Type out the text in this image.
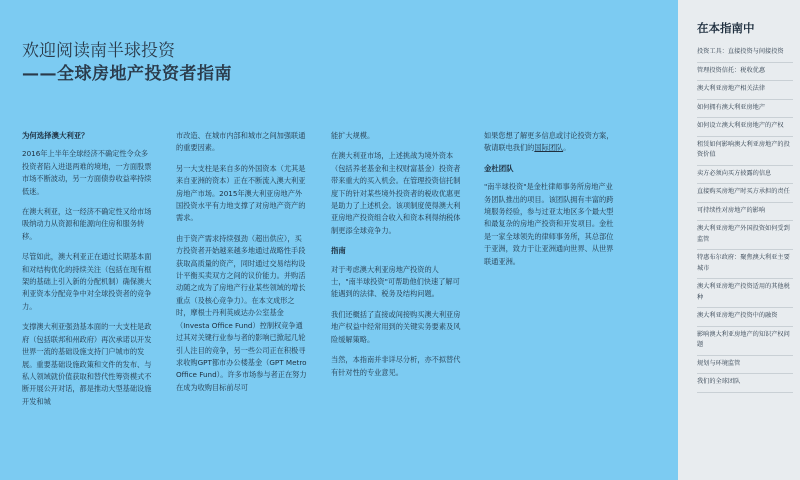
欢迎阅读南半球投资
——全球房地产投资者指南
为何选择澳大利亚？

2016年上半年全球经济不确定性令众多投资者陷入进退两难的境地，一方面股票市场不断波动，另一方面债券收益率持续低迷。

在澳大利亚，这一经济不确定性又给市场吸纳动力从资源和能源向住房和服务转移。

尽管如此，澳大利亚正在通过长期基本面和对结构优化的持续关注（包括在现有框架的基础上引入新的分配机制）确保澳大利亚资本分配竞争中对全球投资者的竞争力。

支撑澳大利亚强劲基本面的一大支柱是政府（包括联邦和州政府）再次承诺以开发世界一流的基础设施支持门户城市的发展。重要基础设施政策和文件的发布、与私人领域就价值获取和替代性筹资模式不断开展公开对话，都是推动大型基础设施开发和城

市改造、在城市内部和城市之间加强联通的重要因素。

另一大支柱是来自多的外国资本（尤其是来自亚洲的资本）正在不断流入澳大利亚房地产市场。2015年澳大利亚房地产外国投资水平有力地支撑了对房地产资产的需求。

由于资产需求持续强劲（超出供应），买方投资者开始越来越多地通过战略性手段获取高质量的资产，同时通过交易结构设计平衡买卖双方之间的议价能力。并购活动随之成为了房地产行业某些领域的增长重点（及核心竞争力）。在本文成形之时，摩根士丹利英威达办公室基金（Investa Office Fund）控制权竞争通过其对关键行业参与者的影响已掀起几轮引人注目的竞争，另一些公司正在积极寻求收购GPT都市办公楼基金（GPT Metro Office Fund）。许多市场参与者正在努力在成为收购目标前尽可

能扩大规模。

在澳大利亚市场，上述挑战为境外资本（包括养老基金和主权财富基金）投资者带来重大的买入机会。在管理投资信托制度下的针对某些境外投资者的税收优惠更是助力了上述机会。该项制度使得澳大利亚房地产投资组合收入和资本利得纳税体制更添全球竞争力。

指南

对于考虑澳大利亚房地产投资的人士，"南半球投资"可帮助他们快速了解可能遇到的法律、税务及结构问题。

我们还概括了直接或间接购买澳大利亚房地产权益中经常用到的关键实务要素及风险缓解策略。

当然，本指南并非详尽分析，亦不拟替代有针对性的专业意见。

如果您想了解更多信息或讨论投资方案，敬请联电我们的国际团队。

金杜团队

"南半球投资"是金杜律师事务所房地产业务团队推出的项目。该团队拥有丰富的跨境服务经验，参与过亚太地区多个最大型和最复杂的房地产投资和开发项目。金杜是一家全球领先的律师事务所，其总部位于亚洲，致力于让亚洲通向世界、从世界联通亚洲。

在本指南中
投资工具：直接投资与间接投资
管理投资信托：税收优惠
澳大利亚房地产相关法律
如何拥有澳大利亚房地产
如何设立澳大利亚房地产的产权
租赁如何影响澳大利亚房地产的投资价值
卖方必须向买方披露的信息
直接购买房地产时买方承担的责任
可持续性对房地产的影响
澳大利亚房地产外国投资如何受到监管
特惠布尔政府：聚焦澳大利亚主要城市
澳大利亚房地产投资适用的其他税种
澳大利亚房地产投资中的融资
影响澳大利亚房地产的知识产权问题
规划与环境监管
我们的全球团队
